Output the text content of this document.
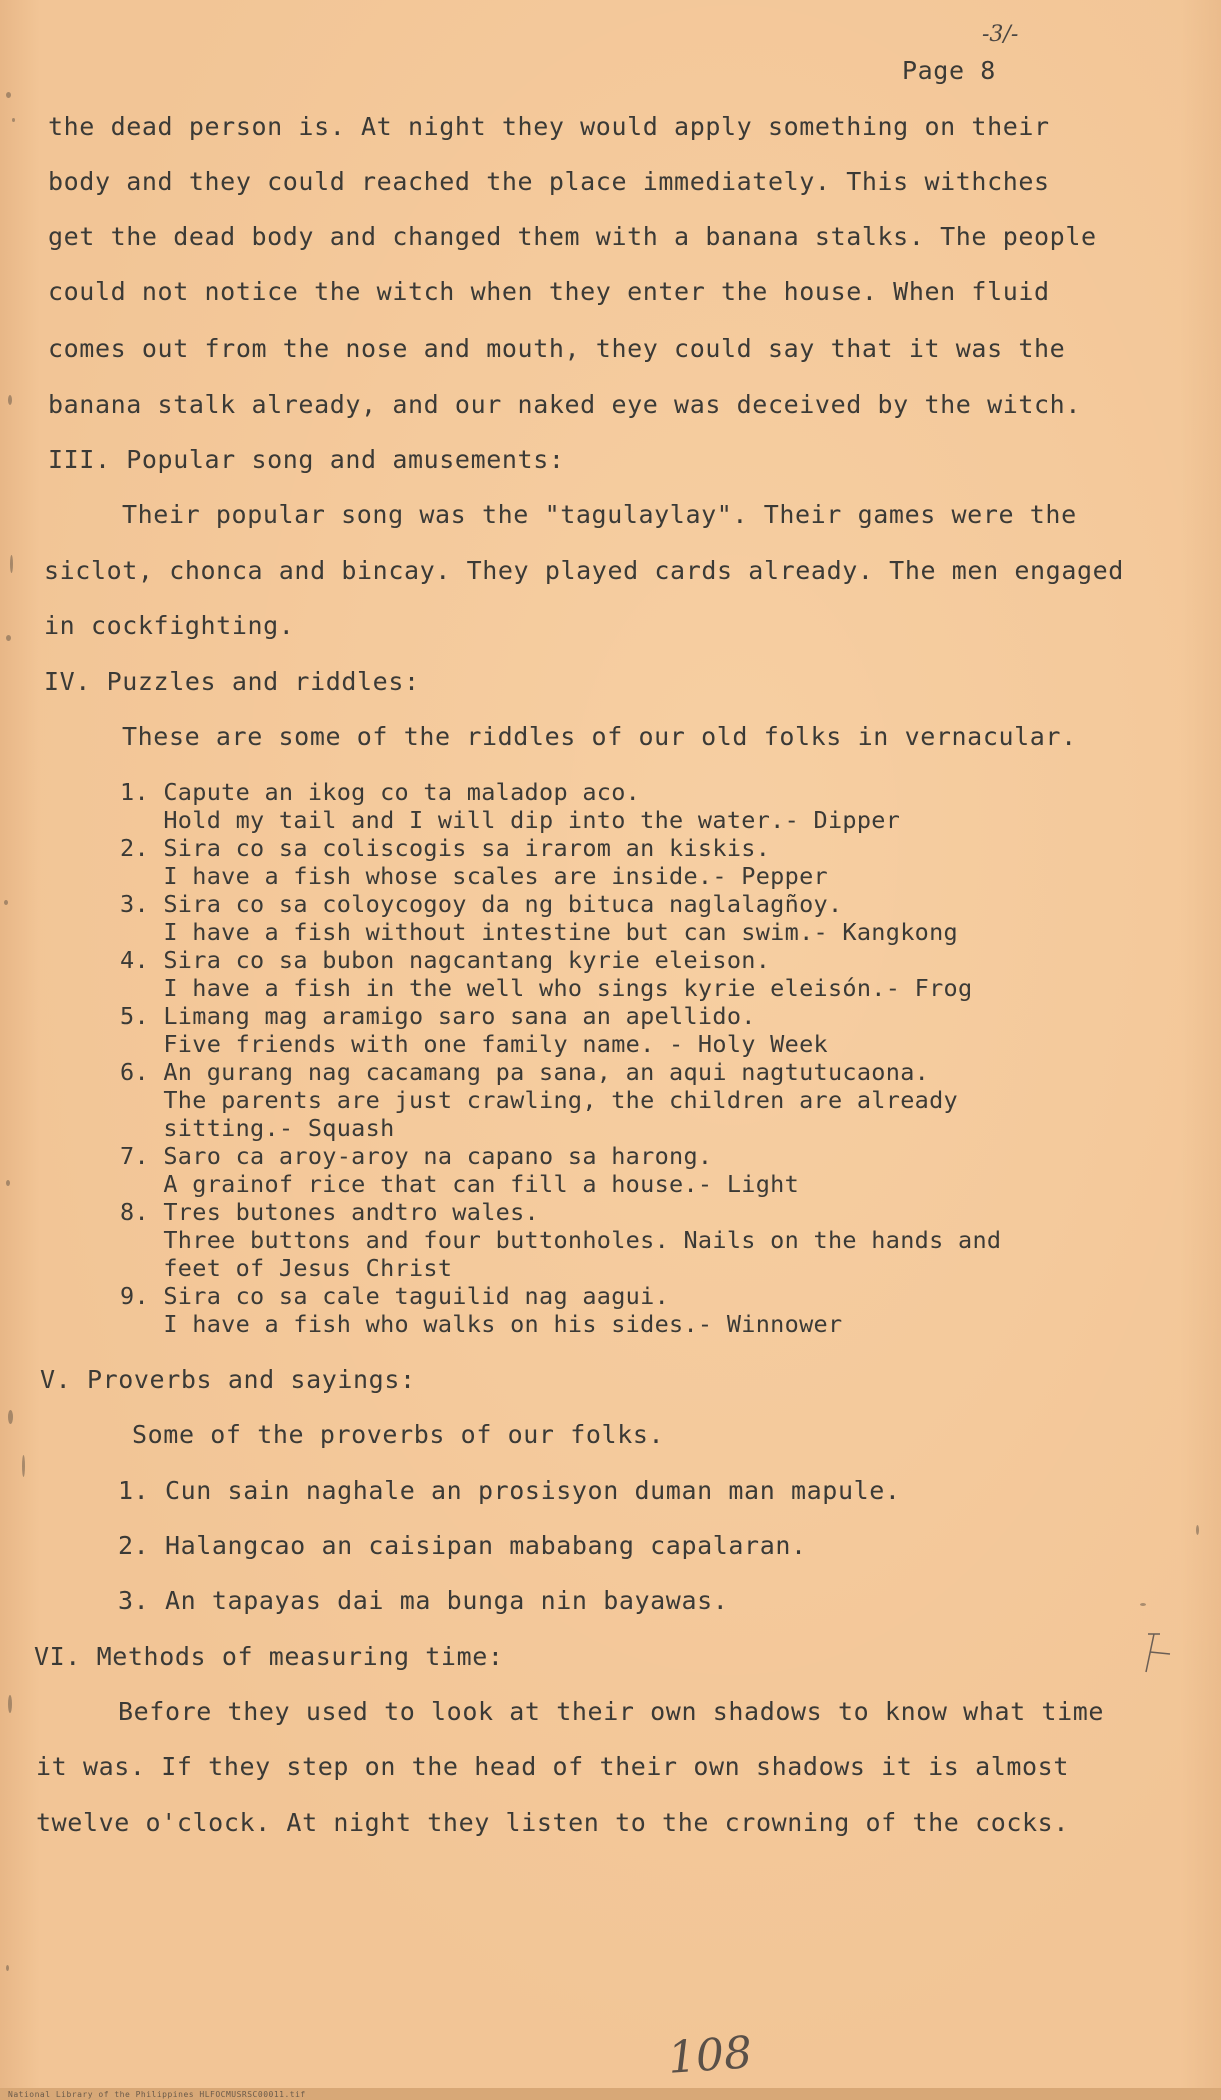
-3/-
Page 8
the dead person is. At night they would apply something on their
body and they could reached the place immediately. This withches
get the dead body and changed them with a banana stalks. The people
could not notice the witch when they enter the house. When fluid
comes out from the nose and mouth, they could say that it was the
banana stalk already, and our naked eye was deceived by the witch.
III. Popular song and amusements:
Their popular song was the "tagulaylay". Their games were the
siclot, chonca and bincay. They played cards already. The men engaged
in cockfighting.
IV. Puzzles and riddles:
These are some of the riddles of our old folks in vernacular.
1. Capute an ikog co ta maladop aco.
Hold my tail and I will dip into the water.- Dipper
2. Sira co sa coliscogis sa irarom an kiskis.
I have a fish whose scales are inside.- Pepper
3. Sira co sa coloycogoy da ng bituca naglalagñoy.
I have a fish without intestine but can swim.- Kangkong
4. Sira co sa bubon nagcantang kyrie eleison.
I have a fish in the well who sings kyrie eleisón.- Frog
5. Limang mag aramigo saro sana an apellido.
Five friends with one family name. - Holy Week
6. An gurang nag cacamang pa sana, an aqui nagtutucaona.
The parents are just crawling, the children are already
sitting.- Squash
7. Saro ca aroy-aroy na capano sa harong.
A grainof rice that can fill a house.- Light
8. Tres butones andtro wales.
Three buttons and four buttonholes. Nails on the hands and
feet of Jesus Christ
9. Sira co sa cale taguilid nag aagui.
I have a fish who walks on his sides.- Winnower
V. Proverbs and sayings:
Some of the proverbs of our folks.
1. Cun sain naghale an prosisyon duman man mapule.
2. Halangcao an caisipan mababang capalaran.
3. An tapayas dai ma bunga nin bayawas.
VI. Methods of measuring time:
Before they used to look at their own shadows to know what time
it was. If they step on the head of their own shadows it is almost
twelve o'clock. At night they listen to the crowning of the cocks.
108
National Library of the Philippines HLFOCMUSRSC00011.tif
